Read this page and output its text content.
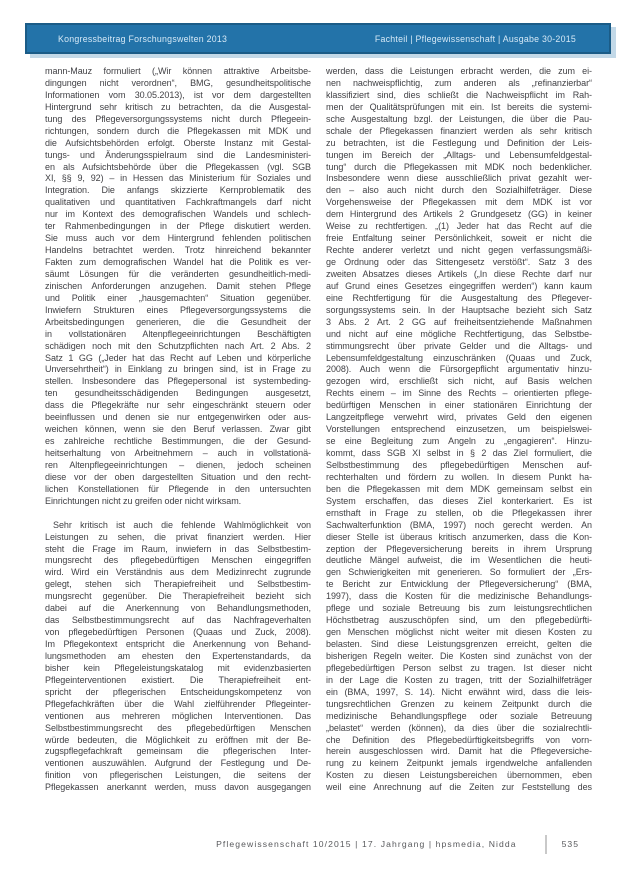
Kongressbeitrag Forschungswelten 2013	Fachteil | Pflegewissenschaft | Ausgabe 30-2015
mann-Mauz formuliert („Wir können attraktive Arbeitsbe-
dingungen nicht verordnen“, BMG, gesundheitspolitische
Informationen vom 30.05.2013), ist vor dem dargestellten
Hintergrund sehr kritisch zu betrachten, da die Ausgestal-
tung des Pflegeversorgungssystems nicht durch Pflegeein-
richtungen, sondern durch die Pflegekassen mit MDK und
die Aufsichtsbehörden erfolgt. Oberste Instanz mit Gestal-
tungs- und Änderungsspielraum sind die Landesministeri-
en als Aufsichtsbehörde über die Pflegekassen (vgl. SGB
XI, §§ 9, 92) – in Hessen das Ministerium für Soziales und
Integration. Die anfangs skizzierte Kernproblematik des
qualitativen und quantitativen Fachkraftmangels darf nicht
nur im Kontext des demografischen Wandels und schlech-
ter Rahmenbedingungen in der Pflege diskutiert werden.
Sie muss auch vor dem Hintergrund fehlenden politischen
Handelns betrachtet werden. Trotz hinreichend bekannter
Fakten zum demografischen Wandel hat die Politik es ver-
säumt Lösungen für die veränderten gesundheitlich-medi-
zinischen Anforderungen anzugehen. Damit stehen Pflege
und Politik einer „hausgemachten“ Situation gegenüber.
Inwiefern Strukturen eines Pflegeversorgungssystems die
Arbeitsbedingungen generieren, die die Gesundheit der
in vollstationären Altenpflegeeinrichtungen Beschäftigten
schädigen noch mit den Schutzpflichten nach Art. 2 Abs. 2
Satz 1 GG („Jeder hat das Recht auf Leben und körperliche
Unversehrtheit“) in Einklang zu bringen sind, ist in Frage zu
stellen. Insbesondere das Pflegepersonal ist systembeding-
ten gesundheitsschädigenden Bedingungen ausgesetzt,
dass die Pflegekräfte nur sehr eingeschränkt steuern oder
beeinflussen und denen sie nur entgegenwirken oder aus-
weichen können, wenn sie den Beruf verlassen. Zwar gibt
es zahlreiche rechtliche Bestimmungen, die der Gesund-
heitserhaltung von Arbeitnehmern – auch in vollstationä-
ren Altenpflegeeinrichtungen – dienen, jedoch scheinen
diese vor der oben dargestellten Situation und den recht-
lichen Konstellationen für Pflegende in den untersuchten
Einrichtungen nicht zu greifen oder nicht wirksam.
Sehr kritisch ist auch die fehlende Wahlmöglichkeit von
Leistungen zu sehen, die privat finanziert werden. Hier
steht die Frage im Raum, inwiefern in das Selbstbestim-
mungsrecht des pflegebedürftigen Menschen eingegriffen
wird. Wird ein Verständnis aus dem Medizinrecht zugrunde
gelegt, stehen sich Therapiefreiheit und Selbstbestim-
mungsrecht gegenüber. Die Therapiefreiheit bezieht sich
dabei auf die Anerkennung von Behandlungsmethoden,
das Selbstbestimmungsrecht auf das Nachfrageverhalten
von pflegebedürftigen Personen (Quaas und Zuck, 2008).
Im Pflegekontext entspricht die Anerkennung von Behand-
lungsmethoden am ehesten den Expertenstandards, da
bisher kein Pflegeleistungskatalog mit evidenzbasierten
Pflegeinterventionen existiert. Die Therapiefreiheit ent-
spricht der pflegerischen Entscheidungskompetenz von
Pflegefachkräften über die Wahl zielführender Pflegeinter-
ventionen aus mehreren möglichen Interventionen. Das
Selbstbestimmungsrecht des pflegebedürftigen Menschen
würde bedeuten, die Möglichkeit zu eröffnen mit der Be-
zugspflegefachkraft gemeinsam die pflegerischen Inter-
ventionen auszuwählen. Aufgrund der Festlegung und De-
finition von pflegerischen Leistungen, die seitens der
Pflegekassen anerkannt werden, muss davon ausgegangen
werden, dass die Leistungen erbracht werden, die zum ei-
nen nachweispflichtig, zum anderen als „refinanzierbar“
klassifiziert sind, dies schließt die Nachweispflicht im Rah-
men der Qualitätsprüfungen mit ein. Ist bereits die systemi-
sche Ausgestaltung bzgl. der Leistungen, die über die Pau-
schale der Pflegekassen finanziert werden als sehr kritisch
zu betrachten, ist die Festlegung und Definition der Leis-
tungen im Bereich der „Alltags- und Lebensumfeldgestal-
tung“ durch die Pflegekassen mit MDK noch bedenklicher.
Insbesondere wenn diese ausschließlich privat gezahlt wer-
den – also auch nicht durch den Sozialhilfeträger. Diese
Vorgehensweise der Pflegekassen mit dem MDK ist vor
dem Hintergrund des Artikels 2 Grundgesetz (GG) in keiner
Weise zu rechtfertigen. „(1) Jeder hat das Recht auf die
freie Entfaltung seiner Persönlichkeit, soweit er nicht die
Rechte anderer verletzt und nicht gegen verfassungsmäßi-
ge Ordnung oder das Sittengesetz verstößt“. Satz 3 des
zweiten Absatzes dieses Artikels („In diese Rechte darf nur
auf Grund eines Gesetzes eingegriffen werden“) kann kaum
eine Rechtfertigung für die Ausgestaltung des Pflegever-
sorgungssystems sein. In der Hauptsache bezieht sich Satz
3 Abs. 2 Art. 2 GG auf freiheitsentziehende Maßnahmen
und nicht auf eine mögliche Rechtfertigung, das Selbstbe-
stimmungsrecht über private Gelder und die Alltags- und
Lebensumfeldgestaltung einzuschränken (Quaas und Zuck,
2008). Auch wenn die Fürsorgepflicht argumentativ hinzu-
gezogen wird, erschließt sich nicht, auf Basis welchen
Rechts einem – im Sinne des Rechts – orientierten pflege-
bedürftigen Menschen in einer stationären Einrichtung der
Langzeitpflege verwehrt wird, privates Geld den eigenen
Vorstellungen entsprechend einzusetzen, um beispielswei-
se eine Begleitung zum Angeln zu „engagieren“. Hinzu-
kommt, dass SGB XI selbst in § 2 das Ziel formuliert, die
Selbstbestimmung des pflegebedürftigen Menschen auf-
rechterhalten und fördern zu wollen. In diesem Punkt ha-
ben die Pflegekassen mit dem MDK gemeinsam selbst ein
System erschaffen, das dieses Ziel konterkariert. Es ist
ernsthaft in Frage zu stellen, ob die Pflegekassen ihrer
Sachwalterfunktion (BMA, 1997) noch gerecht werden. An
dieser Stelle ist überaus kritisch anzumerken, dass die Kon-
zeption der Pflegeversicherung bereits in ihrem Ursprung
deutliche Mängel aufweist, die im Wesentlichen die heuti-
gen Schwierigkeiten mit generieren. So formuliert der „Ers-
te Bericht zur Entwicklung der Pflegeversicherung“ (BMA,
1997), dass die Kosten für die medizinische Behandlungs-
pflege und soziale Betreuung bis zum leistungsrechtlichen
Höchstbetrag auszuschöpfen sind, um den pflegebedürfti-
gen Menschen möglichst nicht weiter mit diesen Kosten zu
belasten. Sind diese Leistungsgrenzen erreicht, gelten die
bisherigen Regeln weiter. Die Kosten sind zunächst von der
pflegebedürftigen Person selbst zu tragen. Ist dieser nicht
in der Lage die Kosten zu tragen, tritt der Sozialhilfeträger
ein (BMA, 1997, S. 14). Nicht erwähnt wird, dass die leis-
tungsrechtlichen Grenzen zu keinem Zeitpunkt durch die
medizinische Behandlungspflege oder soziale Betreuung
„belastet“ werden (können), da dies über die sozialrechtli-
che Definition des Pflegebedürftigkeitsbegriffs von vorn-
herein ausgeschlossen wird. Damit hat die Pflegeversiche-
rung zu keinem Zeitpunkt jemals irgendwelche anfallenden
Kosten zu diesen Leistungsbereichen übernommen, eben
weil eine Anrechnung auf die Zeiten zur Feststellung des
Pflegewissenschaft 10/2015 | 17. Jahrgang | hpsmedia, Nidda	535
